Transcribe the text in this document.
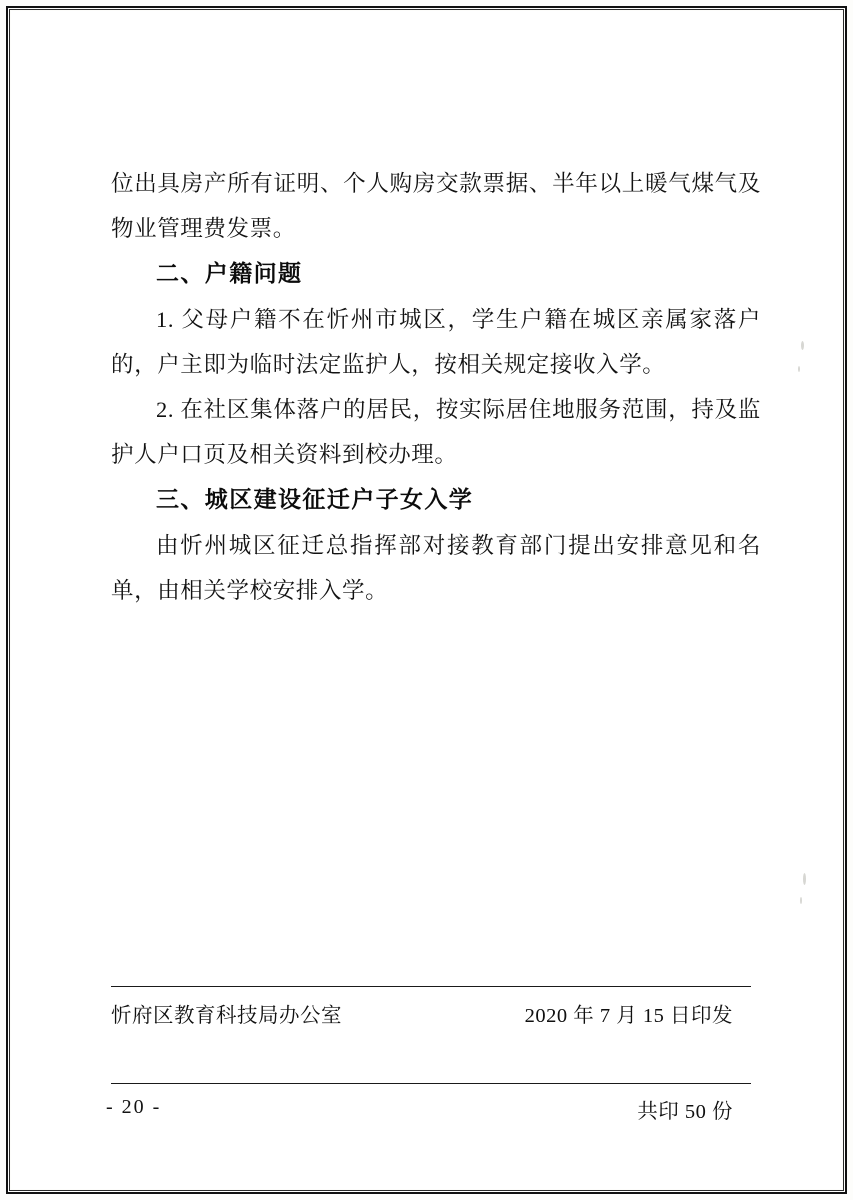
位出具房产所有证明、个人购房交款票据、半年以上暖气煤气及物业管理费发票。

二、户籍问题

1. 父母户籍不在忻州市城区，学生户籍在城区亲属家落户的，户主即为临时法定监护人，按相关规定接收入学。

2. 在社区集体落户的居民，按实际居住地服务范围，持及监护人户口页及相关资料到校办理。

三、城区建设征迁户子女入学

由忻州城区征迁总指挥部对接教育部门提出安排意见和名单，由相关学校安排入学。

忻府区教育科技局办公室	2020 年 7 月 15 日印发
共印 50 份
- 20 -
